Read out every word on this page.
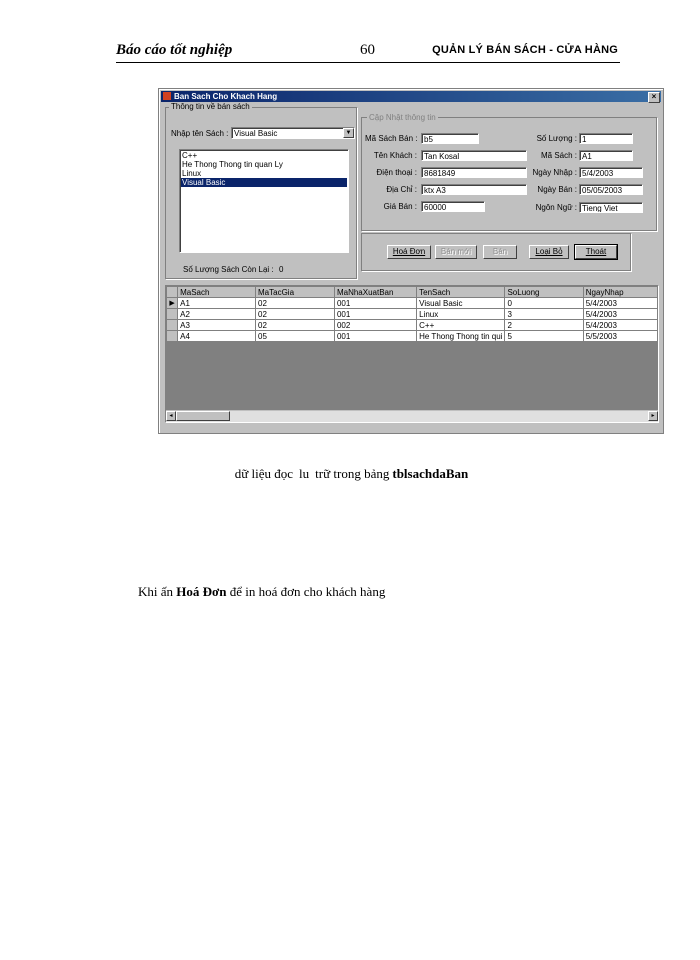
Báo cáo tốt nghiệp	60	QUẢN LÝ BÁN SÁCH - CỬA HÀNG
Ban Sach Cho Khach Hang	×
Thông tin về bán sách
Nhập tên Sách : Visual Basic	▼
C++
He Thong Thong tin quan Ly
Linux
Visual Basic
Số Lượng Sách Còn Lại : 0
Cập Nhật thông tin
Mã Sách Bán : b5
Tên Khách : Tan Kosal
Điện thoại : 8681849
Địa Chỉ : ktx A3
Giá Bán : 60000
Số Lượng : 1
Mã Sách : A1
Ngày Nhập : 5/4/2003
Ngày Bán : 05/05/2003
Ngôn Ngữ : Tieng Viet
Hoá Đơn	Bán mới	Bán	Loại Bỏ	Thoát
	MaSach	MaTacGia	MaNhaXuatBan	TenSach	SoLuong	NgayNhap
▶	A1	02	001	Visual Basic	0	5/4/2003
	A2	02	001	Linux	3	5/4/2003
	A3	02	002	C++	2	5/4/2003
	A4	05	001	He Thong Thong tin qui	5	5/5/2003
◂	▸
dữ liệu đọc lu trữ trong bảng tblsachdaBan
Khi ấn Hoá Đơn để in hoá đơn cho khách hàng
